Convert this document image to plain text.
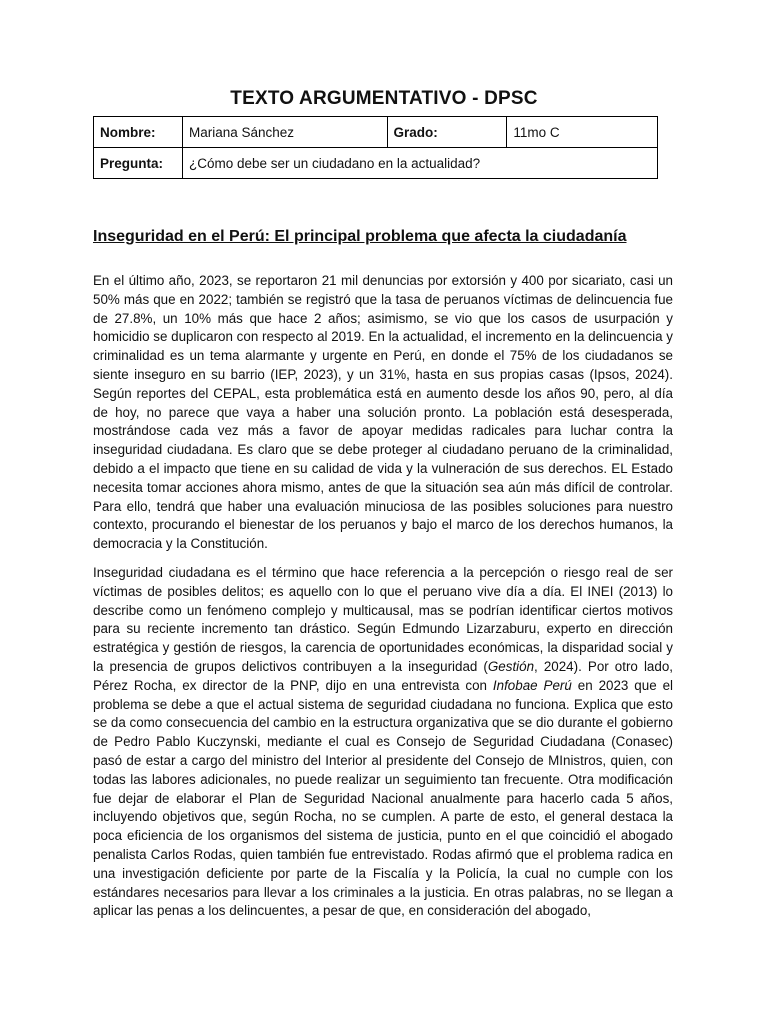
TEXTO ARGUMENTATIVO - DPSC
Nombre:	Mariana Sánchez	Grado:	11mo C
Pregunta:	¿Cómo debe ser un ciudadano en la actualidad?		
Inseguridad en el Perú: El principal problema que afecta la ciudadanía

En el último año, 2023, se reportaron 21 mil denuncias por extorsión y 400 por sicariato, casi un 50% más que en 2022; también se registró que la tasa de peruanos víctimas de delincuencia fue de 27.8%, un 10% más que hace 2 años; asimismo, se vio que los casos de usurpación y homicidio se duplicaron con respecto al 2019. En la actualidad, el incremento en la delincuencia y criminalidad es un tema alarmante y urgente en Perú, en donde el 75% de los ciudadanos se siente inseguro en su barrio (IEP, 2023), y un 31%, hasta en sus propias casas (Ipsos, 2024). Según reportes del CEPAL, esta problemática está en aumento desde los años 90, pero, al día de hoy, no parece que vaya a haber una solución pronto. La población está desesperada, mostrándose cada vez más a favor de apoyar medidas radicales para luchar contra la inseguridad ciudadana. Es claro que se debe proteger al ciudadano peruano de la criminalidad, debido a el impacto que tiene en su calidad de vida y la vulneración de sus derechos. EL Estado necesita tomar acciones ahora mismo, antes de que la situación sea aún más difícil de controlar. Para ello, tendrá que haber una evaluación minuciosa de las posibles soluciones para nuestro contexto, procurando el bienestar de los peruanos y bajo el marco de los derechos humanos, la democracia y la Constitución.

Inseguridad ciudadana es el término que hace referencia a la percepción o riesgo real de ser víctimas de posibles delitos; es aquello con lo que el peruano vive día a día. El INEI (2013) lo describe como un fenómeno complejo y multicausal, mas se podrían identificar ciertos motivos para su reciente incremento tan drástico. Según Edmundo Lizarzaburu, experto en dirección estratégica y gestión de riesgos, la carencia de oportunidades económicas, la disparidad social y la presencia de grupos delictivos contribuyen a la inseguridad (Gestión, 2024). Por otro lado, Pérez Rocha, ex director de la PNP, dijo en una entrevista con Infobae Perú en 2023 que el problema se debe a que el actual sistema de seguridad ciudadana no funciona. Explica que esto se da como consecuencia del cambio en la estructura organizativa que se dio durante el gobierno de Pedro Pablo Kuczynski, mediante el cual es Consejo de Seguridad Ciudadana (Conasec) pasó de estar a cargo del ministro del Interior al presidente del Consejo de MInistros, quien, con todas las labores adicionales, no puede realizar un seguimiento tan frecuente. Otra modificación fue dejar de elaborar el Plan de Seguridad Nacional anualmente para hacerlo cada 5 años, incluyendo objetivos que, según Rocha, no se cumplen. A parte de esto, el general destaca la poca eficiencia de los organismos del sistema de justicia, punto en el que coincidió el abogado penalista Carlos Rodas, quien también fue entrevistado. Rodas afirmó que el problema radica en una investigación deficiente por parte de la Fiscalía y la Policía, la cual no cumple con los estándares necesarios para llevar a los criminales a la justicia. En otras palabras, no se llegan a aplicar las penas a los delincuentes, a pesar de que, en consideración del abogado,
